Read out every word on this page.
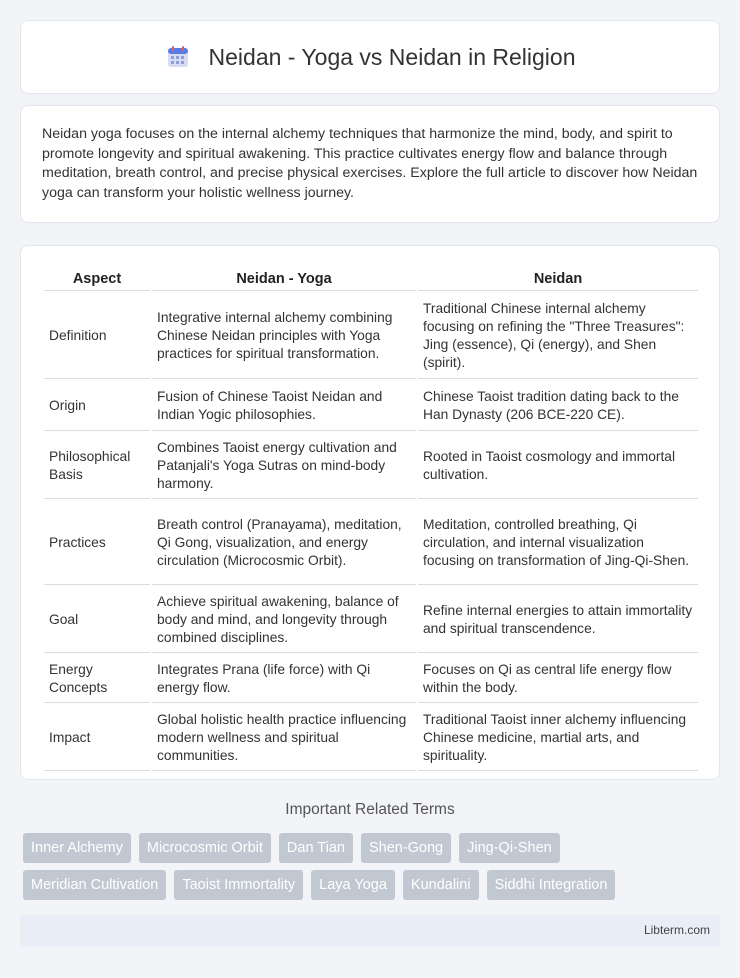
Neidan - Yoga vs Neidan in Religion

Neidan yoga focuses on the internal alchemy techniques that harmonize the mind, body, and spirit to promote longevity and spiritual awakening. This practice cultivates energy flow and balance through meditation, breath control, and precise physical exercises. Explore the full article to discover how Neidan yoga can transform your holistic wellness journey.

Aspect	Neidan - Yoga	Neidan
Definition	Integrative internal alchemy combining Chinese Neidan principles with Yoga practices for spiritual transformation.	Traditional Chinese internal alchemy focusing on refining the "Three Treasures": Jing (essence), Qi (energy), and Shen (spirit).
Origin	Fusion of Chinese Taoist Neidan and Indian Yogic philosophies.	Chinese Taoist tradition dating back to the Han Dynasty (206 BCE-220 CE).
Philosophical Basis	Combines Taoist energy cultivation and Patanjali's Yoga Sutras on mind-body harmony.	Rooted in Taoist cosmology and immortal cultivation.
Practices	Breath control (Pranayama), meditation, Qi Gong, visualization, and energy circulation (Microcosmic Orbit).	Meditation, controlled breathing, Qi circulation, and internal visualization focusing on transformation of Jing-Qi-Shen.
Goal	Achieve spiritual awakening, balance of body and mind, and longevity through combined disciplines.	Refine internal energies to attain immortality and spiritual transcendence.
Energy Concepts	Integrates Prana (life force) with Qi energy flow.	Focuses on Qi as central life energy flow within the body.
Impact	Global holistic health practice influencing modern wellness and spiritual communities.	Traditional Taoist inner alchemy influencing Chinese medicine, martial arts, and spirituality.
Important Related Terms
Inner Alchemy	Microcosmic Orbit	Dan Tian	Shen-Gong	Jing-Qi-Shen
Meridian Cultivation	Taoist Immortality	Laya Yoga	Kundalini	Siddhi Integration
Libterm.com
